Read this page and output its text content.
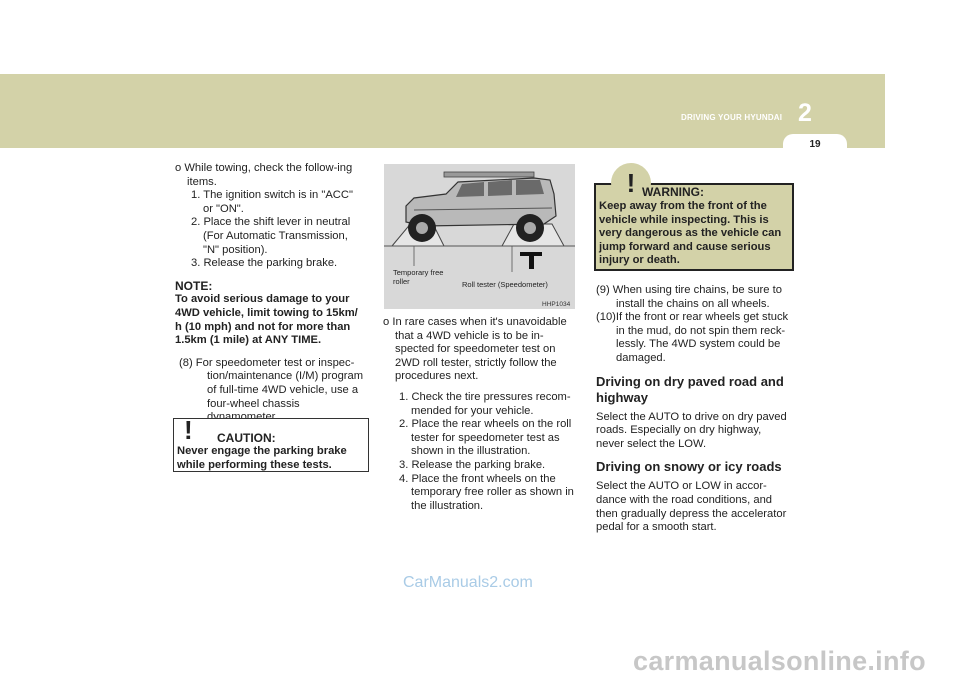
DRIVING YOUR HYUNDAI 2
19

o While towing, check the follow-ing items.

1. The ignition switch is in "ACC" or "ON".

2. Place the shift lever in neutral (For Automatic Transmission, "N" position).

3. Release the parking brake.

NOTE:

To avoid serious damage to your 4WD vehicle, limit towing to 15km/ h (10 mph) and not for more than 1.5km (1 mile) at ANY TIME.

(8) For speedometer test or inspec-tion/maintenance (I/M) program of full-time 4WD vehicle, use a four-wheel chassis

! CAUTION:
Never engage the parking brake while performing these tests.
Temporary free roller	Roll tester (Speedometer)
HHP1034

o In rare cases when it's unavoidable that a 4WD vehicle is to be in-spected for speedometer test on 2WD roll tester, strictly follow the procedures next.

1. Check the tire pressures recom-mended for your vehicle.

2. Place the rear wheels on the roll tester for speedometer test as shown in the illustration.

3. Release the parking brake.

4. Place the front wheels on the temporary free roller as shown in the illustration.

! WARNING:
Keep away from the front of the vehicle while inspecting. This is very dangerous as the vehicle can jump forward and cause serious injury or death.

(9) When using tire chains, be sure to install the chains on all wheels.

(10)If the front or rear wheels get stuck in the mud, do not spin them reck-lessly. The 4WD system could be damaged.

Driving on dry paved road and highway

Select the AUTO to drive on dry paved roads. Especially on dry highway, never select the LOW.

Driving on snowy or icy roads

Select the AUTO or LOW in accor-dance with the road conditions, and then gradually depress the accelerator pedal for a smooth start.

CarManuals2.com
carmanualsonline.info
